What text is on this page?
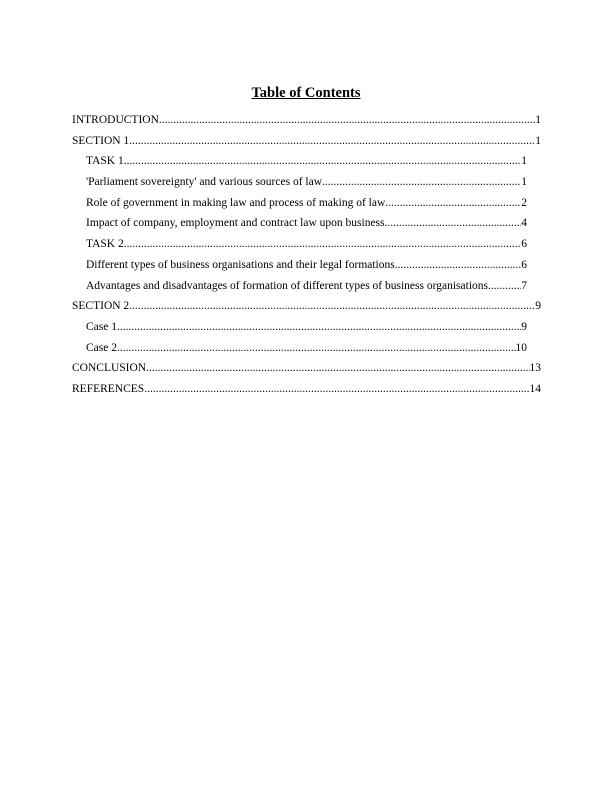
Table of Contents
INTRODUCTION .....	1
SECTION 1 .....	1
TASK 1 .....	1
'Parliament sovereignty' and various sources of law .....	1
Role of government in making law and process of making of law .....	2
Impact of company, employment and contract law upon business .....	4
TASK 2 .....	6
Different types of business organisations and their legal formations .....	6
Advantages and disadvantages of formation of different types of business organisations .....	7
SECTION 2 .....	9
Case 1 .....	9
Case 2 .....	10
CONCLUSION .....	13
REFERENCES .....	14
